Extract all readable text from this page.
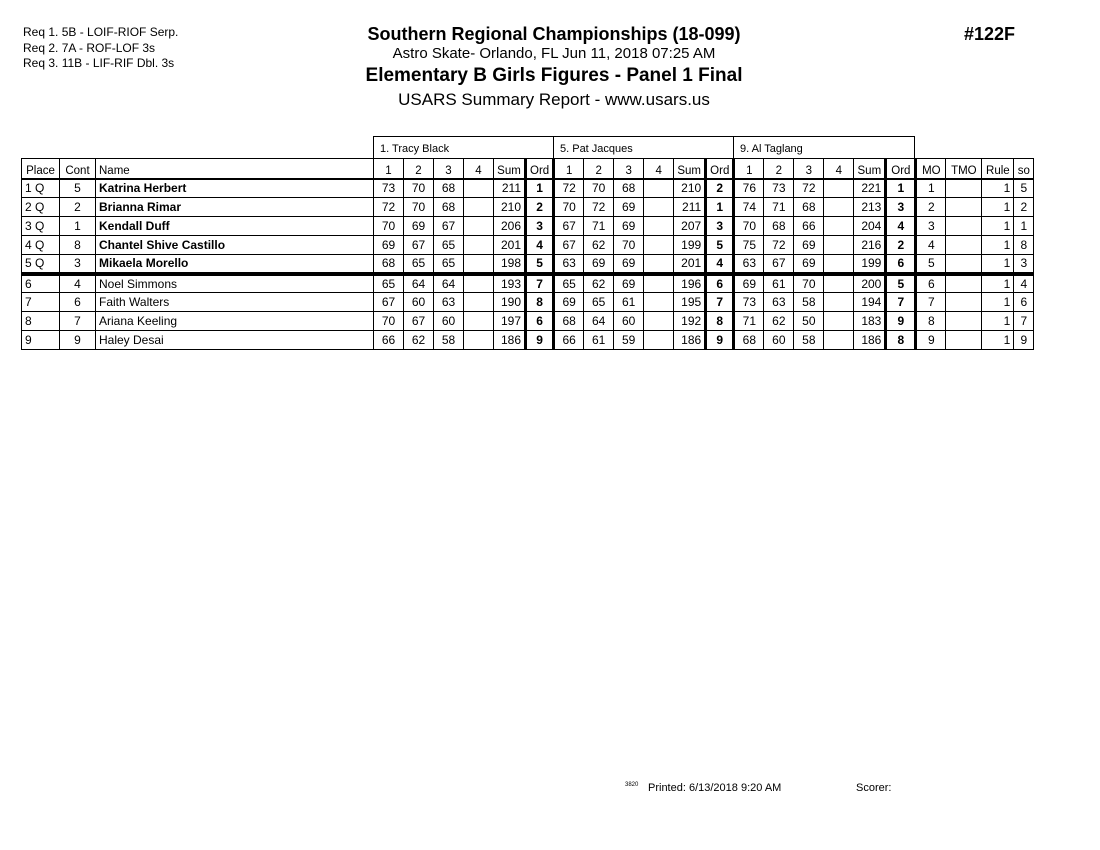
Req 1. 5B - LOIF-RIOF Serp.
Req 2. 7A - ROF-LOF 3s
Req 3. 11B - LIF-RIF Dbl. 3s
Southern Regional Championships (18-099)
Astro Skate- Orlando, FL Jun 11, 2018 07:25 AM
Elementary B Girls Figures - Panel 1 Final
USARS Summary Report - www.usars.us
#122F
1. Tracy Black	5. Pat Jacques	9. Al Taglang
Place	Cont	Name	1	2	3	4	Sum	Ord	1	2	3	4	Sum	Ord	1	2	3	4	Sum	Ord	MO	TMO	Rule	so
1 Q	5	Katrina Herbert	73	70	68		211	1	72	70	68		210	2	76	73	72		221	1	1		1	5
2 Q	2	Brianna Rimar	72	70	68		210	2	70	72	69		211	1	74	71	68		213	3	2		1	2
3 Q	1	Kendall Duff	70	69	67		206	3	67	71	69		207	3	70	68	66		204	4	3		1	1
4 Q	8	Chantel Shive Castillo	69	67	65		201	4	67	62	70		199	5	75	72	69		216	2	4		1	8
5 Q	3	Mikaela Morello	68	65	65		198	5	63	69	69		201	4	63	67	69		199	6	5		1	3
6	4	Noel Simmons	65	64	64		193	7	65	62	69		196	6	69	61	70		200	5	6		1	4
7	6	Faith Walters	67	60	63		190	8	69	65	61		195	7	73	63	58		194	7	7		1	6
8	7	Ariana Keeling	70	67	60		197	6	68	64	60		192	8	71	62	50		183	9	8		1	7
9	9	Haley Desai	66	62	58		186	9	66	61	59		186	9	68	60	58		186	8	9		1	9
3820 Printed: 6/13/2018 9:20 AM	Scorer:
